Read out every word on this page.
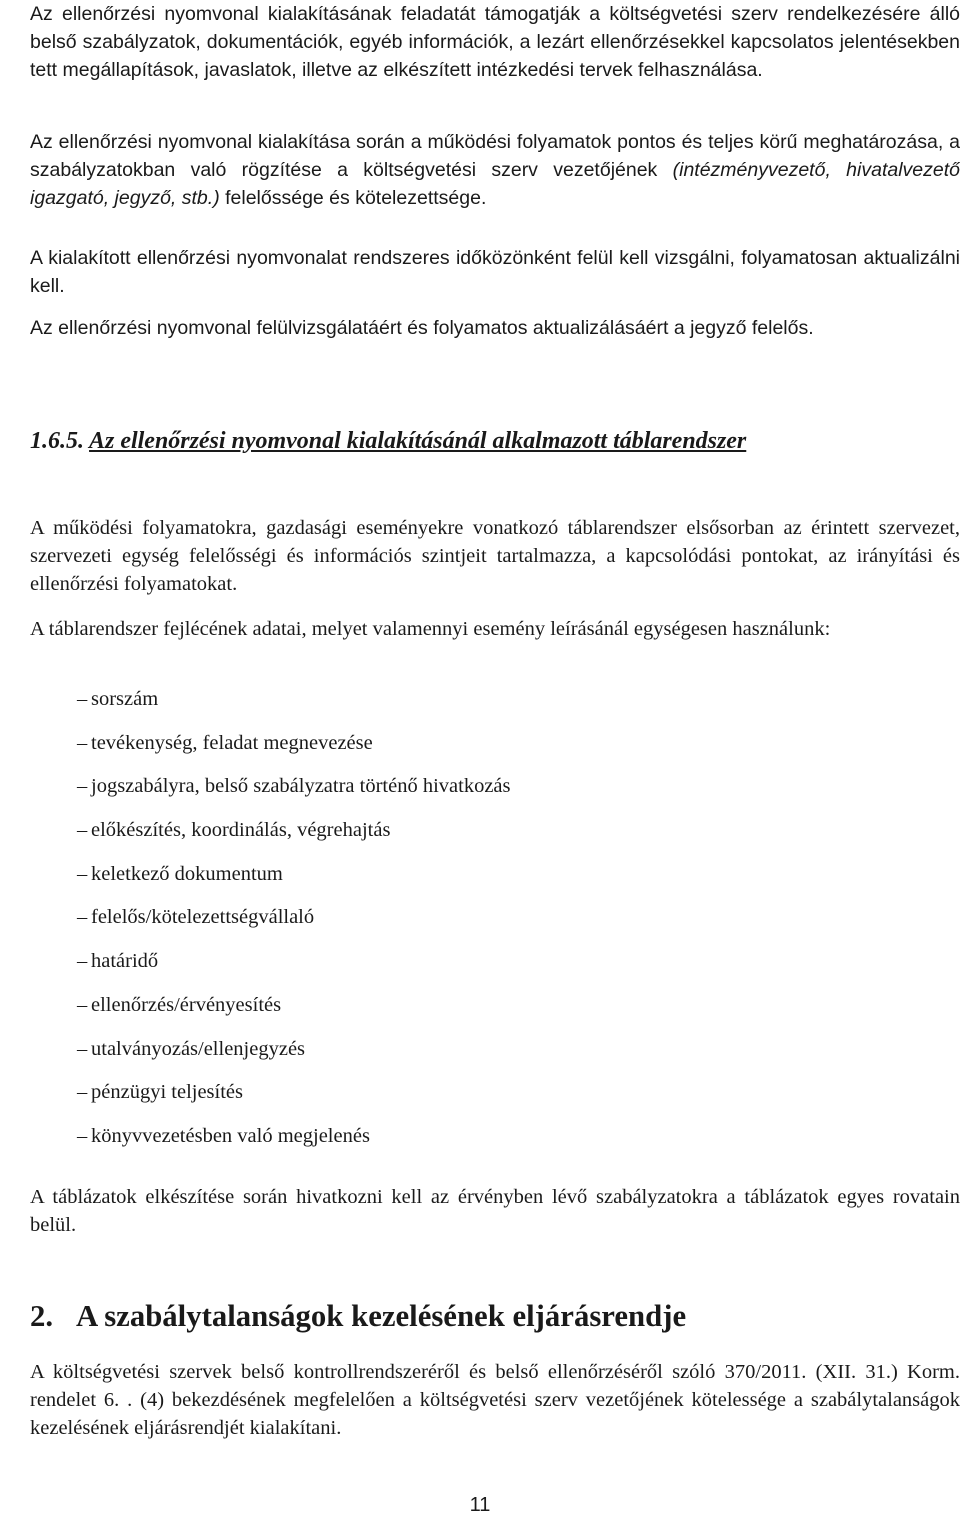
Az ellenőrzési nyomvonal kialakításának feladatát támogatják a költségvetési szerv rendelkezésére álló belső szabályzatok, dokumentációk, egyéb információk, a lezárt ellenőrzésekkel kapcsolatos jelentésekben tett megállapítások, javaslatok, illetve az elkészített intézkedési tervek felhasználása.

Az ellenőrzési nyomvonal kialakítása során a működési folyamatok pontos és teljes körű meghatározása, a szabályzatokban való rögzítése a költségvetési szerv vezetőjének (intézményvezető, hivatalvezető igazgató, jegyző, stb.) felelőssége és kötelezettsége.

A kialakított ellenőrzési nyomvonalat rendszeres időközönként felül kell vizsgálni, folyamatosan aktualizálni kell.

Az ellenőrzési nyomvonal felülvizsgálatáért és folyamatos aktualizálásáért a jegyző felelős.

1.6.5. Az ellenőrzési nyomvonal kialakításánál alkalmazott táblarendszer

A működési folyamatokra, gazdasági eseményekre vonatkozó táblarendszer elsősorban az érintett szervezet, szervezeti egység felelősségi és információs szintjeit tartalmazza, a kapcsolódási pontokat, az irányítási és ellenőrzési folyamatokat.

A táblarendszer fejlécének adatai, melyet valamennyi esemény leírásánál egységesen használunk:

– sorszám
– tevékenység, feladat megnevezése
– jogszabályra, belső szabályzatra történő hivatkozás
– előkészítés, koordinálás, végrehajtás
– keletkező dokumentum
– felelős/kötelezettségvállaló
– határidő
– ellenőrzés/érvényesítés
– utalványozás/ellenjegyzés
– pénzügyi teljesítés
– könyvvezetésben való megjelenés

A táblázatok elkészítése során hivatkozni kell az érvényben lévő szabályzatokra a táblázatok egyes rovatain belül.

2. A szabálytalanságok kezelésének eljárásrendje

A költségvetési szervek belső kontrollrendszeréről és belső ellenőrzéséről szóló 370/2011. (XII. 31.) Korm. rendelet 6. . (4) bekezdésének megfelelően a költségvetési szerv vezetőjének kötelessége a szabálytalanságok kezelésének eljárásrendjét kialakítani.

11
